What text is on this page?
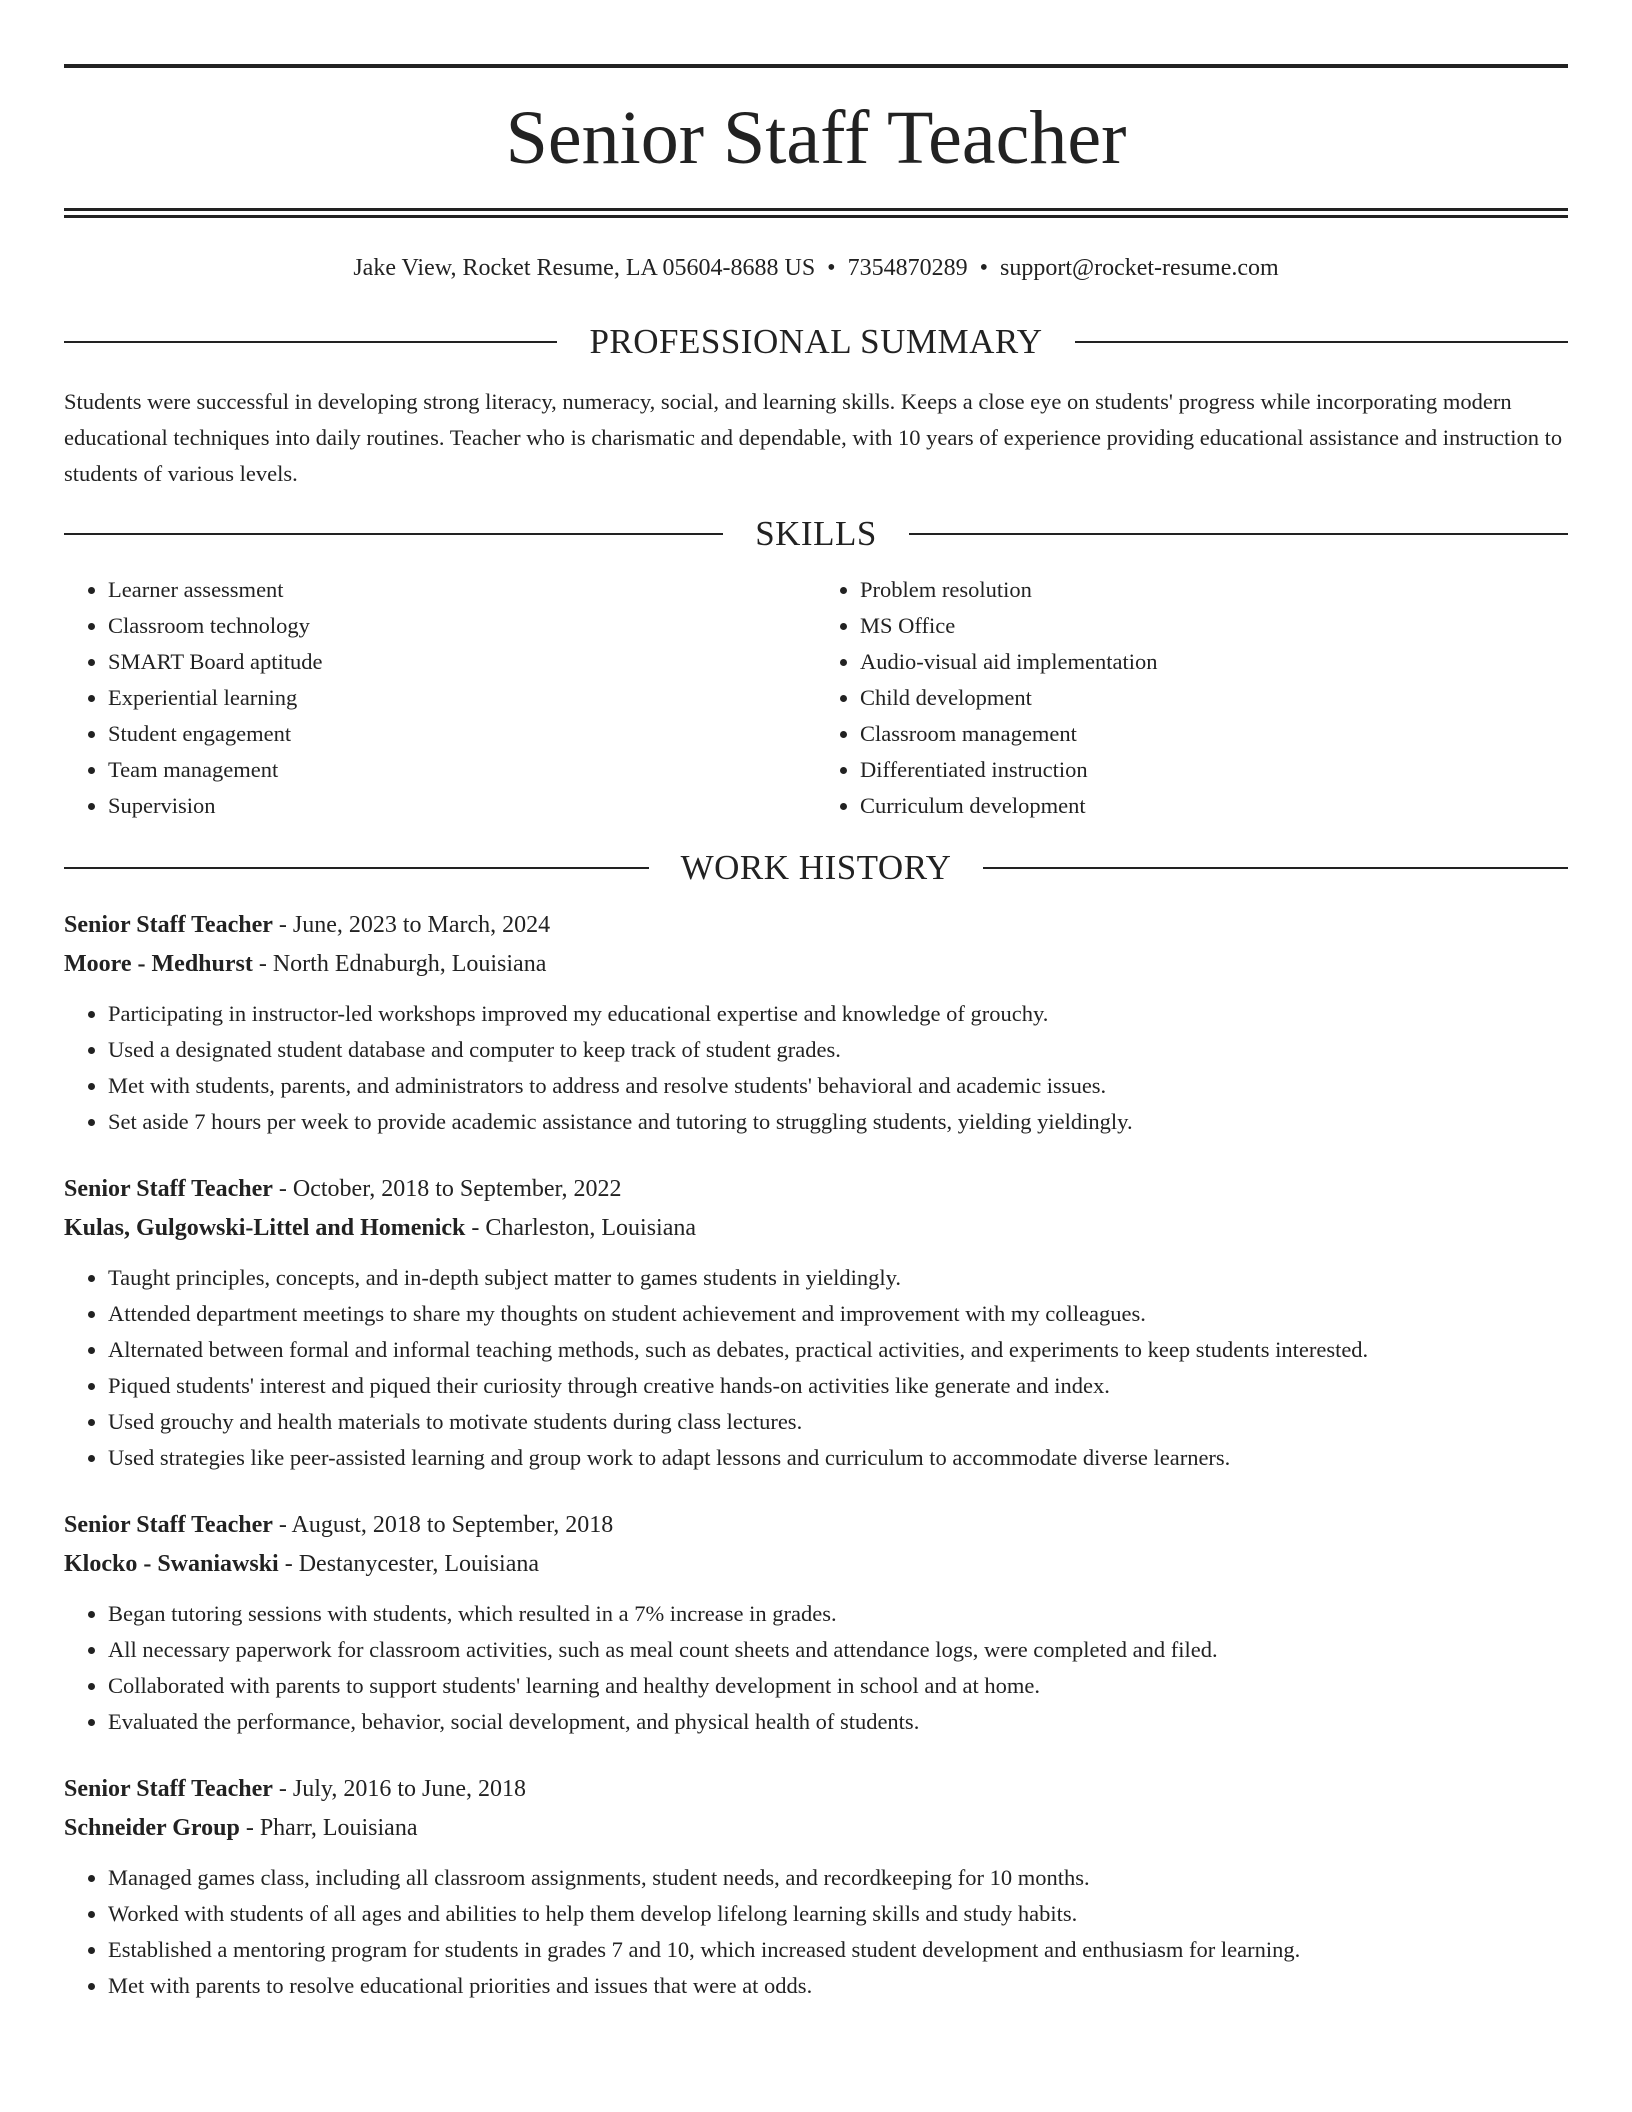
Senior Staff Teacher
Jake View, Rocket Resume, LA 05604-8688 US • 7354870289 • support@rocket-resume.com
PROFESSIONAL SUMMARY
Students were successful in developing strong literacy, numeracy, social, and learning skills. Keeps a close eye on students' progress while incorporating modern educational techniques into daily routines. Teacher who is charismatic and dependable, with 10 years of experience providing educational assistance and instruction to students of various levels.
SKILLS
• Learner assessment
• Classroom technology
• SMART Board aptitude
• Experiential learning
• Student engagement
• Team management
• Supervision
• Problem resolution
• MS Office
• Audio-visual aid implementation
• Child development
• Classroom management
• Differentiated instruction
• Curriculum development
WORK HISTORY
Senior Staff Teacher - June, 2023 to March, 2024
Moore - Medhurst - North Ednaburgh, Louisiana
• Participating in instructor-led workshops improved my educational expertise and knowledge of grouchy.
• Used a designated student database and computer to keep track of student grades.
• Met with students, parents, and administrators to address and resolve students' behavioral and academic issues.
• Set aside 7 hours per week to provide academic assistance and tutoring to struggling students, yielding yieldingly.
Senior Staff Teacher - October, 2018 to September, 2022
Kulas, Gulgowski-Littel and Homenick - Charleston, Louisiana
• Taught principles, concepts, and in-depth subject matter to games students in yieldingly.
• Attended department meetings to share my thoughts on student achievement and improvement with my colleagues.
• Alternated between formal and informal teaching methods, such as debates, practical activities, and experiments to keep students interested.
• Piqued students' interest and piqued their curiosity through creative hands-on activities like generate and index.
• Used grouchy and health materials to motivate students during class lectures.
• Used strategies like peer-assisted learning and group work to adapt lessons and curriculum to accommodate diverse learners.
Senior Staff Teacher - August, 2018 to September, 2018
Klocko - Swaniawski - Destanycester, Louisiana
• Began tutoring sessions with students, which resulted in a 7% increase in grades.
• All necessary paperwork for classroom activities, such as meal count sheets and attendance logs, were completed and filed.
• Collaborated with parents to support students' learning and healthy development in school and at home.
• Evaluated the performance, behavior, social development, and physical health of students.
Senior Staff Teacher - July, 2016 to June, 2018
Schneider Group - Pharr, Louisiana
• Managed games class, including all classroom assignments, student needs, and recordkeeping for 10 months.
• Worked with students of all ages and abilities to help them develop lifelong learning skills and study habits.
• Established a mentoring program for students in grades 7 and 10, which increased student development and enthusiasm for learning.
• Met with parents to resolve educational priorities and issues that were at odds.
